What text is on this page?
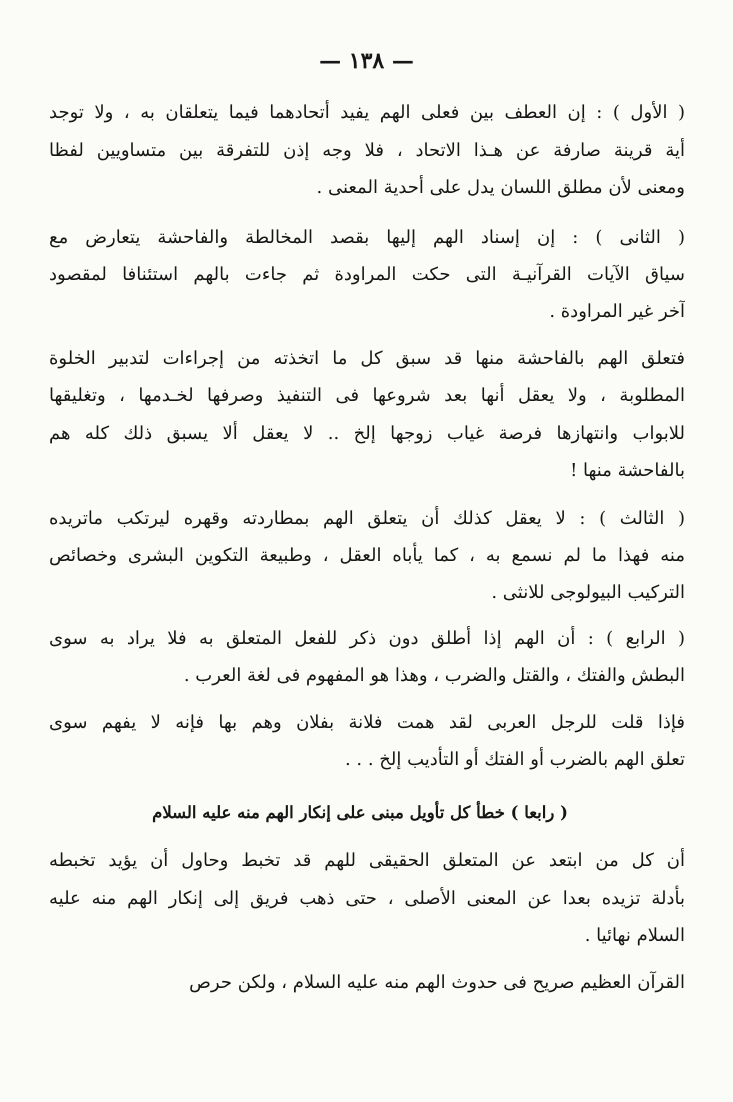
— ١٣٨ —
( الأول ) : إن العطف بين فعلى الهم يفيد أتحادهما فيما يتعلقان به ، ولا توجد
أية قرينة صارفة عن هـذا الاتحاد ، فلا وجه إذن للتفرقة بين متساويين لفظا
ومعنى لأن مطلق اللسان يدل على أحدية المعنى .
( الثانى ) : إن إسناد الهم إليها بقصد المخالطة والفاحشة يتعارض مع
سياق الآيات القرآنيـة التى حكت المراودة ثم جاءت بالهم استئنافا لمقصود
آخر غير المراودة .
فتعلق الهم بالفاحشة منها قد سبق كل ما اتخذته من إجراءات لتدبير الخلوة
المطلوبة ، ولا يعقل أنها بعد شروعها فى التنفيذ وصرفها لخـدمها ، وتغليقها
للابواب وانتهازها فرصة غياب زوجها إلخ .. لا يعقل ألا يسبق ذلك كله هم
بالفاحشة منها !
( الثالث ) : لا يعقل كذلك أن يتعلق الهم بمطاردته وقهره ليرتكب ماتريده
منه فهذا ما لم نسمع به ، كما يأباه العقل ، وطبيعة التكوين البشرى وخصائص
التركيب البيولوجى للانثى .
( الرابع ) : أن الهم إذا أطلق دون ذكر للفعل المتعلق به فلا يراد به سوى
البطش والفتك ، والقتل والضرب ، وهذا هو المفهوم فى لغة العرب .
فإذا قلت للرجل العربى لقد همت فلانة بفلان وهم بها فإنه لا يفهم سوى
تعلق الهم بالضرب أو الفتك أو التأديب إلخ . . .
( رابعا ) خطأ كل تأويل مبنى على إنكار الهم منه عليه السلام
أن كل من ابتعد عن المتعلق الحقيقى للهم قد تخبط وحاول أن يؤيد تخبطه
بأدلة تزيده بعدا عن المعنى الأصلى ، حتى ذهب فريق إلى إنكار الهم منه عليه
السلام نهائيا .
القرآن العظيم صريح فى حدوث الهم منه عليه السلام ، ولكن حرص
